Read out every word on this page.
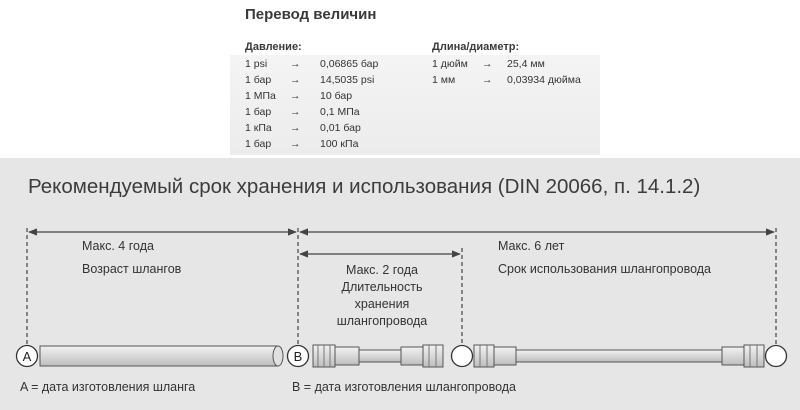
Перевод величин
Давление:	Длина/диаметр:
1 psi → 0,06865 бар
1 бар → 14,5035 psi
1 МПа → 10 бар
1 бар → 0,1 МПа
1 кПа → 0,01 бар
1 бар → 100 кПа
1 дюйм → 25,4 мм
1 мм	→ 0,03934 дюйма
Рекомендуемый срок хранения и использования (DIN 20066, п. 14.1.2)
A	B
Макс. 4 года
Возраст шлангов	Макс. 2 года
Длительность
хранения
шлангопровода
Макс. 6 лет
Срок использования шлангопровода
A = дата изготовления шланга	B = дата изготовления шлангопровода
